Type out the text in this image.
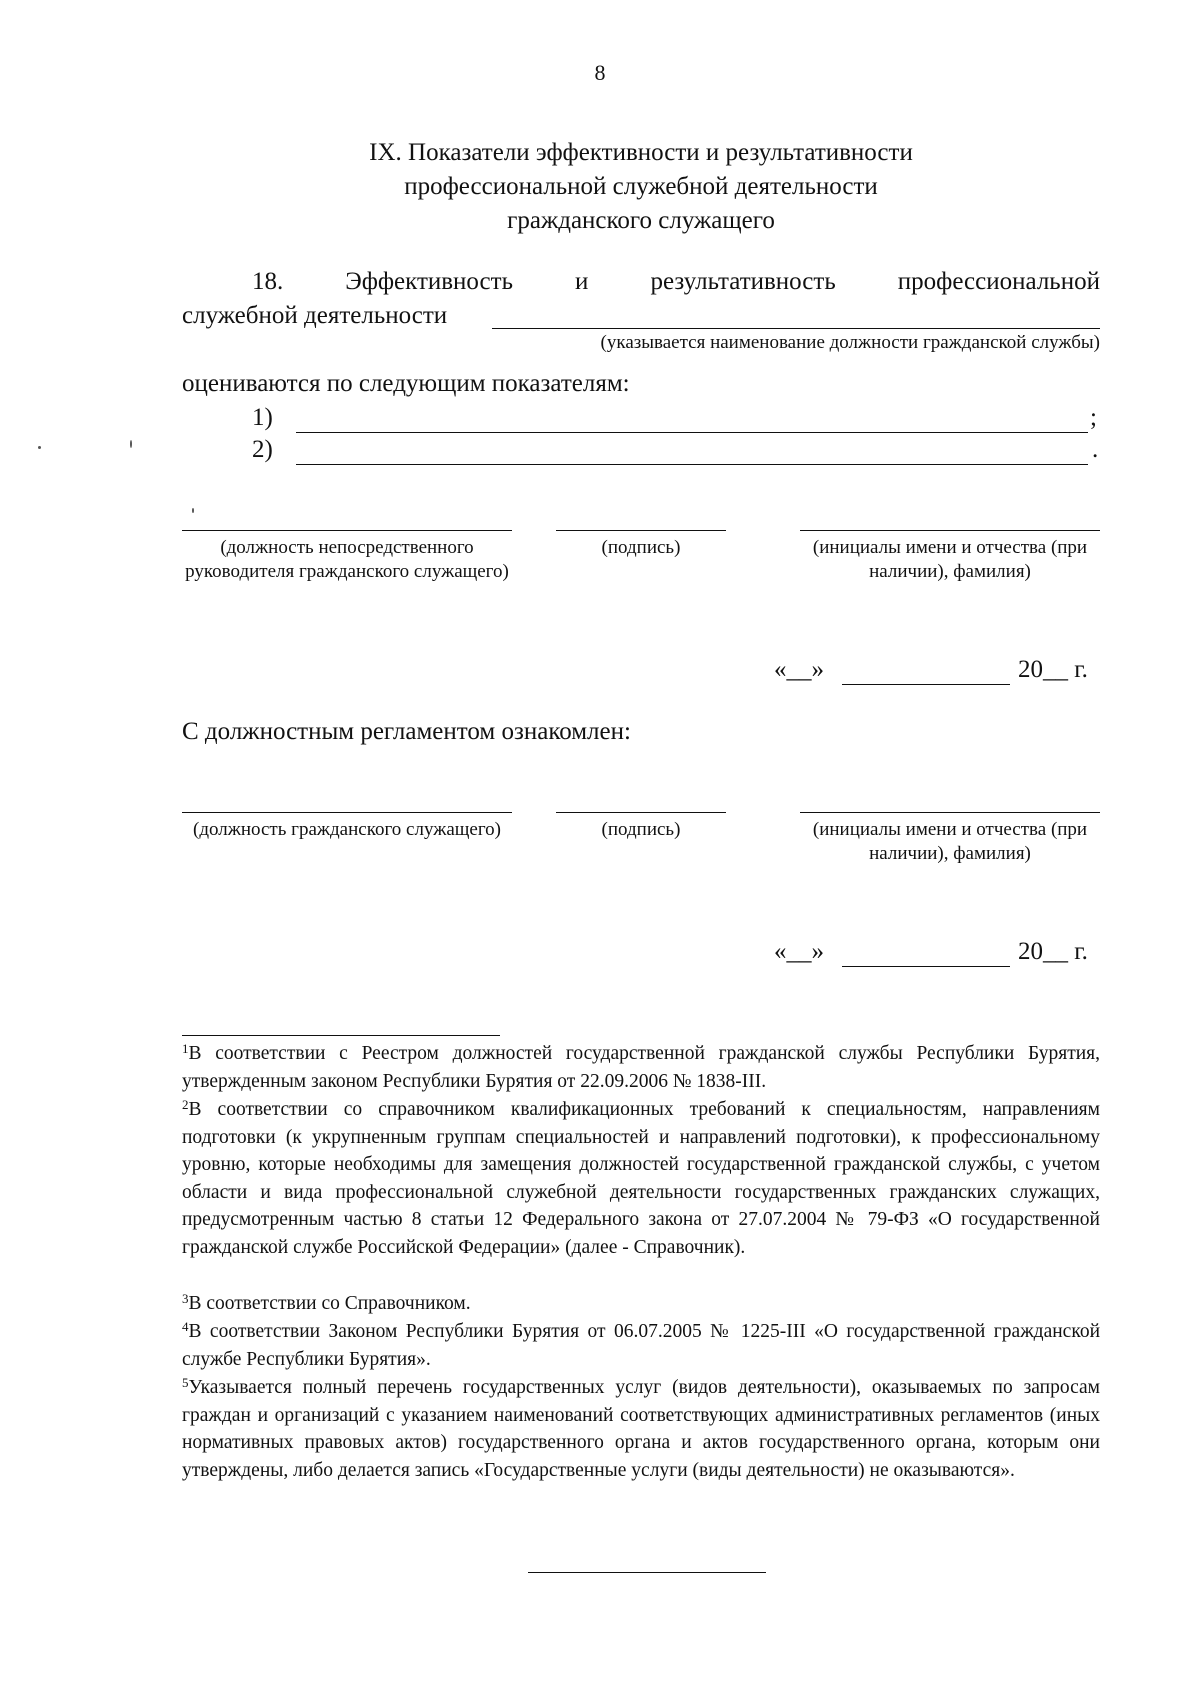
8
IX. Показатели эффективности и результативности
профессиональной служебной деятельности
гражданского служащего
18. Эффективность и результативность профессиональной
служебной деятельности
(указывается наименование должности гражданской службы)
оцениваются по следующим показателям:
1)	;
2)	.
(должность непосредственного руководителя гражданского служащего)
(подпись)	(инициалы имени и отчества (при наличии), фамилия)
«__»	20__ г.
С должностным регламентом ознакомлен:
(должность гражданского служащего)	(подпись)	(инициалы имени и отчества (при наличии), фамилия)
«__»	20__ г.
$^1$В соответствии с Реестром должностей государственной гражданской службы Республики Бурятия, утвержденным законом Республики Бурятия от 22.09.2006 № 1838-III.
$^2$В соответствии со справочником квалификационных требований к специальностям, направлениям подготовки (к укрупненным группам специальностей и направлений подготовки), к профессиональному уровню, которые необходимы для замещения должностей государственной гражданской службы, с учетом области и вида профессиональной служебной деятельности государственных гражданских служащих, предусмотренным частью 8 статьи 12 Федерального закона от 27.07.2004 № 79-ФЗ «О государственной гражданской службе Российской Федерации» (далее - Справочник).
$^3$В соответствии со Справочником.
$^4$В соответствии Законом Республики Бурятия от 06.07.2005 № 1225-III «О государственной гражданской службе Республики Бурятия».
$^5$Указывается полный перечень государственных услуг (видов деятельности), оказываемых по запросам граждан и организаций с указанием наименований соответствующих административных регламентов (иных нормативных правовых актов) государственного органа и актов государственного органа, которым они утверждены, либо делается запись «Государственные услуги (виды деятельности) не оказываются».
